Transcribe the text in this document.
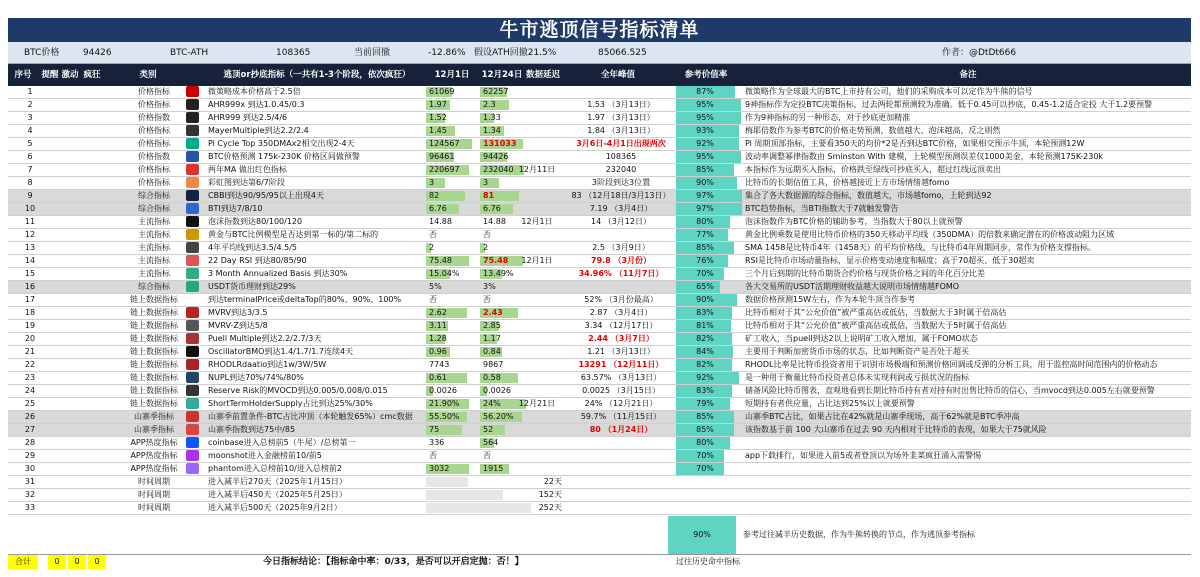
牛市逃顶信号指标清单
BTC价格	94426	BTC-ATH	108365	当前回撤	-12.86% 假设ATH回撤21.5%	85066.525	作者：@DtDt666
序号	提醒 激动 疯狂	类别	逃顶or抄底指标（一共有1-3个阶段，依次疯狂）	12月1日	12月24日 数据延迟	全年峰值	参考价值率	备注
1	价格指标	微策略成本价格高于2.5倍	61069	62257	87%	微策略作为全球最大的BTC上市持有公司，他们的采购成本可以定作为牛熊的信号
2	价格指标	AHR999x 到达1.0.45/0.3	1.97	2.3	1.53 （3月13日）	95%	9神指标作为定投BTC决策指标，过去两轮都预测较为准确。低于0.45可以抄底，0.45-1.2适合定投 大于1.2要预警
3	价格指数	AHR999 到达2.5/4/6	1.52	1.33	1.97 （3月13日）	95%	作为9神指标的另一种形态，对于抄底更加精准
4	价格指标	MayerMultiple到达2.2/2.4	1.45	1.34	1.84 （3月13日）	93%	梅耶倍数作为参考BTC的价格走势预测，数值越大、泡沫越高，反之则然
5	价格指标	Pi Cycle Top 350DMAx2相交出现2-4天	124567	131033	3月6日-4月1日出现两次	92%	Pi 周期顶部指标，主要看350天的均价*2是否到达BTC价格，如果相交预示牛顶，本轮预测12W
6	价格指数	BTC价格预测 175k-230K 价格区间做预警	96461	94426	108365	95%	波动率调整幂律指数由 Sminston With 建模，上轮模型预测误差仅1000美金，本轮预测175K-230k
7	价格指标	两年MA 做出红色指标	220697	232040 12月11日	232040	85%	本指标作为远期买入指标，价格跌至绿线可抄底买入，超过红线远顶卖出
8	价格指标	彩虹图到达第6/7阶段	3	3	3阶段到达3位置	90%	比特币的长期估值工具，价格越接近上方市场情绪越fomo
9	综合指标	CBBI到达90/95/95以上出现4天	82	81	83 （12月18日/3月13日）	97%	集合了各大数据源的综合指标，数值越大，市场越fomo，上轮到达92
10	综合指标	BTI到达7/8/10	6.76	6.76	7.19 （3月4日）	97%	BTC趋势指标，当BTI指数大于7就触发警告
11	主流指标	泡沫指数到达80/100/120	14.88	14.88	12月1日	14 （3月12日）	80%	泡沫指数作为BTC价格的辅助参考，当指数大于80以上就预警
12	主流指标	黄金与BTC比例模型是否达到第一标的/第二标的	否	否	77%	黄金比例乘数是使用比特币价格的350天移动平均线（350DMA）的倍数来确定潜在的价格波动阻力区域
13	主流指标	4年平均线到达3.5/4.5/5	2	2	2.5 （3月9日）	85%	SMA 1458是比特币4年（1458天）的平均价格线，与比特币4年周期同步，常作为价格支撑指标。
14	主流指标	22 Day RSI 到达80/85/90	75.48	75.48	12月1日	79.8 （3月份）	76%	RSI是比特币市场动量指标，显示价格变动速度和幅度；高于70超买、低于30超卖
15	主流指标	3 Month Annualized Basis 到达30%	15.04%	13.49%	34.96% （11月7日）	70%	三个月后到期的比特币期货合约价格与现货价格之间的年化百分比差
16	综合指标	USDT货币理财到达29%	5%	3%	65%	各大交易所的USDT活期理财收益越大说明市场情绪越FOMO
17	链上数据指标	到达terminalPrice或deltaTop的80%、90%、100%	否	否	52% （3月份最高）	90%	数据价格预测15W左右，作为本轮牛顶当作参考
18	链上数据指标	MVRV到达3/3.5	2.62	2.43	2.87 （3月4日）	83%	比特币相对于其“公允价值”被严重高估或低估，当数据大于3时属于倍高估
19	链上数据指标	MVRV-Z到达5/8	3.11	2.85	3.34 （12月17日）	81%	比特币相对于其“公允价值”被严重高估或低估，当数据大于5时属于倍高估
20	链上数据指标	Puell Multiple到达2.2/2.7/3天	1.28	1.17	2.44 （3月7日）	82%	矿工收入，当puell到达2以上说明矿工收入增加，属于FOMO状态
21	链上数据指标	OscillatorBMO到达1.4/1.7/1.7连续4天	0.96	0.84	1.21 （3月13日）	84%	主要用于判断加密货币市场的状态，比如判断资产是否处于超买
22	链上数据指标	RHODLRdaatio到达1w/3W/5W	7743	9867	13291 （12月11日）	82%	RHODL比率是比特币投资者用于识别市场极端和预测价格回调或反弹的分析工具，用于监控高时间范围内的价格动态
23	链上数据指标	NUPL到达70%/74%/80%	0.61	0.58	63.57% （3月13日）	92%	是一种用于衡量比特币投资者总体未实现利润或亏损状况的指标
24	链上数据指标	Reserve Risk的MVOCD到达0.005/0.008/0.015	0.0026	0.0026	0.0025 （3月15日）	83%	储备风险比特币图表，直观地看到长期比特币持有者对持有时出售比特币的信心，当mvocd到达0.005左右就要预警
25	链上数据指标	ShortTermHolderSupply占比到达25%/30%	21.90%	24%	12月21日	24% （12月21日）	79%	短期持有者供应量，占比达到25%以上就要预警
26	山寨季指标	山寨季前置条件-BTC占比冲顶（本轮触发65%）cmc数据	55.50%	56.20%	59.7% （11月15日）	85%	山寨季BTC占比，如果占比在42%就是山寨季现场，高于62%就是BTC季冲高
27	山寨季指标	山寨季指数到达75中/85	75	52	80 （1月24日）	85%	该指数基于前 100 大山寨币在过去 90 天内相对于比特币的表现，如果大于75就风险
28	APP热度指标	coinbase进入总榜前5（牛尾）/总榜第一	336	564	80%
29	APP热度指标	moonshot进入金融榜前10/前5	否	否	70%	app下载排行，如果进入前5或者登顶以为场外韭菜疯狂涌入需警惕
30	APP热度指标	phantom进入总榜前10/进入总榜前2	3032	1915	70%
31	时间周期	进入减半后270天（2025年1月15日）	22天
32	时间周期	进入减半后450天（2025年5月25日）	152天
33	时间周期	进入减半后500天（2025年9月2日）	252天
90%	参考过往减半历史数据，作为牛熊转换的节点，作为逃顶参考指标
合计	0	0	0	今日指标结论：【指标命中率：0/33，是否可以开启定抛：否！】	过往历史命中指标
